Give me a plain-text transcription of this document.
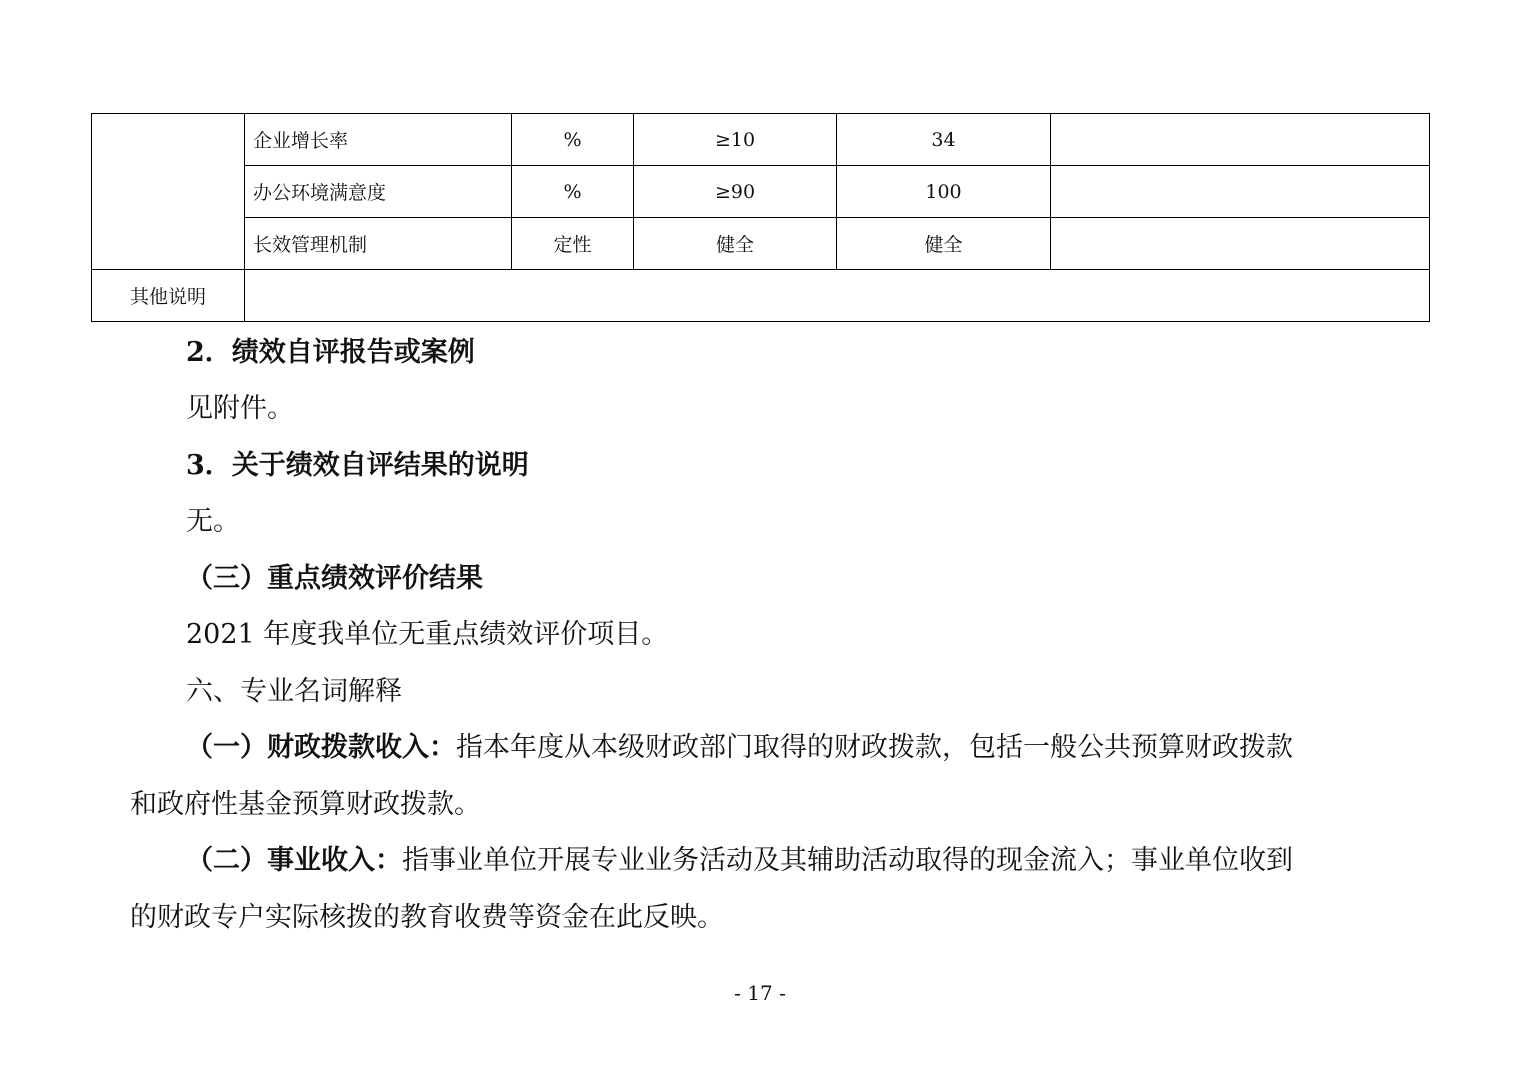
	企业增长率	%	≥10	34	
	办公环境满意度	%	≥90	100	
	长效管理机制	定性	健全	健全	
其他说明					
2．绩效自评报告或案例
见附件。
3．关于绩效自评结果的说明
无。
（三）重点绩效评价结果
2021 年度我单位无重点绩效评价项目。
六、专业名词解释
（一）财政拨款收入：指本年度从本级财政部门取得的财政拨款，包括一般公共预算财政拨款
和政府性基金预算财政拨款。
（二）事业收入：指事业单位开展专业业务活动及其辅助活动取得的现金流入；事业单位收到
的财政专户实际核拨的教育收费等资金在此反映。
- 17 -
